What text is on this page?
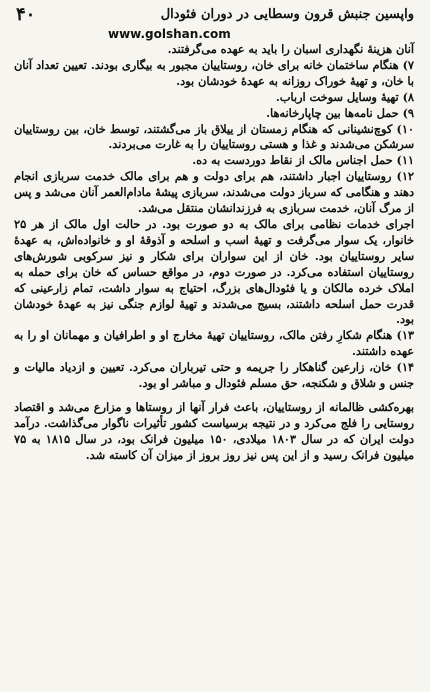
۴۰	واپسین جنبش قرون وسطایی در دوران فئودال
www.golshan.com

آنان هزینهٔ نگهداری اسبان را باید به عهده می‌گرفتند.

۷) هنگام ساختمان خانه برای خان، روستاییان مجبور به بیگاری بودند. تعیین تعداد آنان با خان، و تهیهٔ خوراک روزانه به عهدهٔ خودشان بود.

۸) تهیهٔ وسایل سوخت ارباب.

۹) حمل نامه‌ها بین چاپارخانه‌ها.

۱۰) کوچ‌نشینانی که هنگام زمستان از ییلاق باز می‌گشتند، توسط خان، بین روستاییان سرشکن می‌شدند و غذا و هستی روستاییان را به غارت می‌بردند.

۱۱) حمل اجناس مالک از نقاط دوردست به ده.

۱۲) روستاییان اجبار داشتند، هم برای دولت و هم برای مالک خدمت سربازی انجام دهند و هنگامی که سرباز دولت می‌شدند، سربازی پیشهٔ مادام‌العمر آنان می‌شد و پس از مرگ آنان، خدمت سربازی به فرزندانشان منتقل می‌شد.

اجرای خدمات نظامی برای مالک به دو صورت بود. در حالت اول مالک از هر ۲۵ خانوار، یک سوار می‌گرفت و تهیهٔ اسب و اسلحه و آذوقهٔ او و خانواده‌اش، به عهدهٔ سایر روستاییان بود. خان از این سواران برای شکار و نیز سرکوبی شورش‌های روستاییان استفاده می‌کرد. در صورت دوم، در مواقع حساس که خان برای حمله به املاک خرده مالکان و یا فئودال‌های بزرگ، احتیاج به سوار داشت، تمام زارعینی که قدرت حمل اسلحه داشتند، بسیج می‌شدند و تهیهٔ لوازم جنگی نیز به عهدهٔ خودشان بود.

۱۳) هنگام شکارِ رفتن مالک، روستاییان تهیهٔ مخارج او و اطرافیان و مهمانان او را به عهده داشتند.

۱۴) خان، زارعین گناهکار را جریمه و حتی تیرباران می‌کرد. تعیین و ازدیاد مالیات و جنس و شلاق و شکنجه، حق مسلم فئودال و مباشر او بود.

بهره‌کشی ظالمانه از روستاییان، باعث فرار آنها از روستاها و مزارع می‌شد و اقتصاد روستایی را فلج می‌کرد و در نتیجه برسیاست کشور تأثیرات ناگوار می‌گذاشت. درآمد دولت ایران که در سال ۱۸۰۳ میلادی، ۱۵۰ میلیون فرانک بود، در سال ۱۸۱۵ به ۷۵ میلیون فرانک رسید و از این پس نیز روز بروز از میزان آن کاسته شد.
